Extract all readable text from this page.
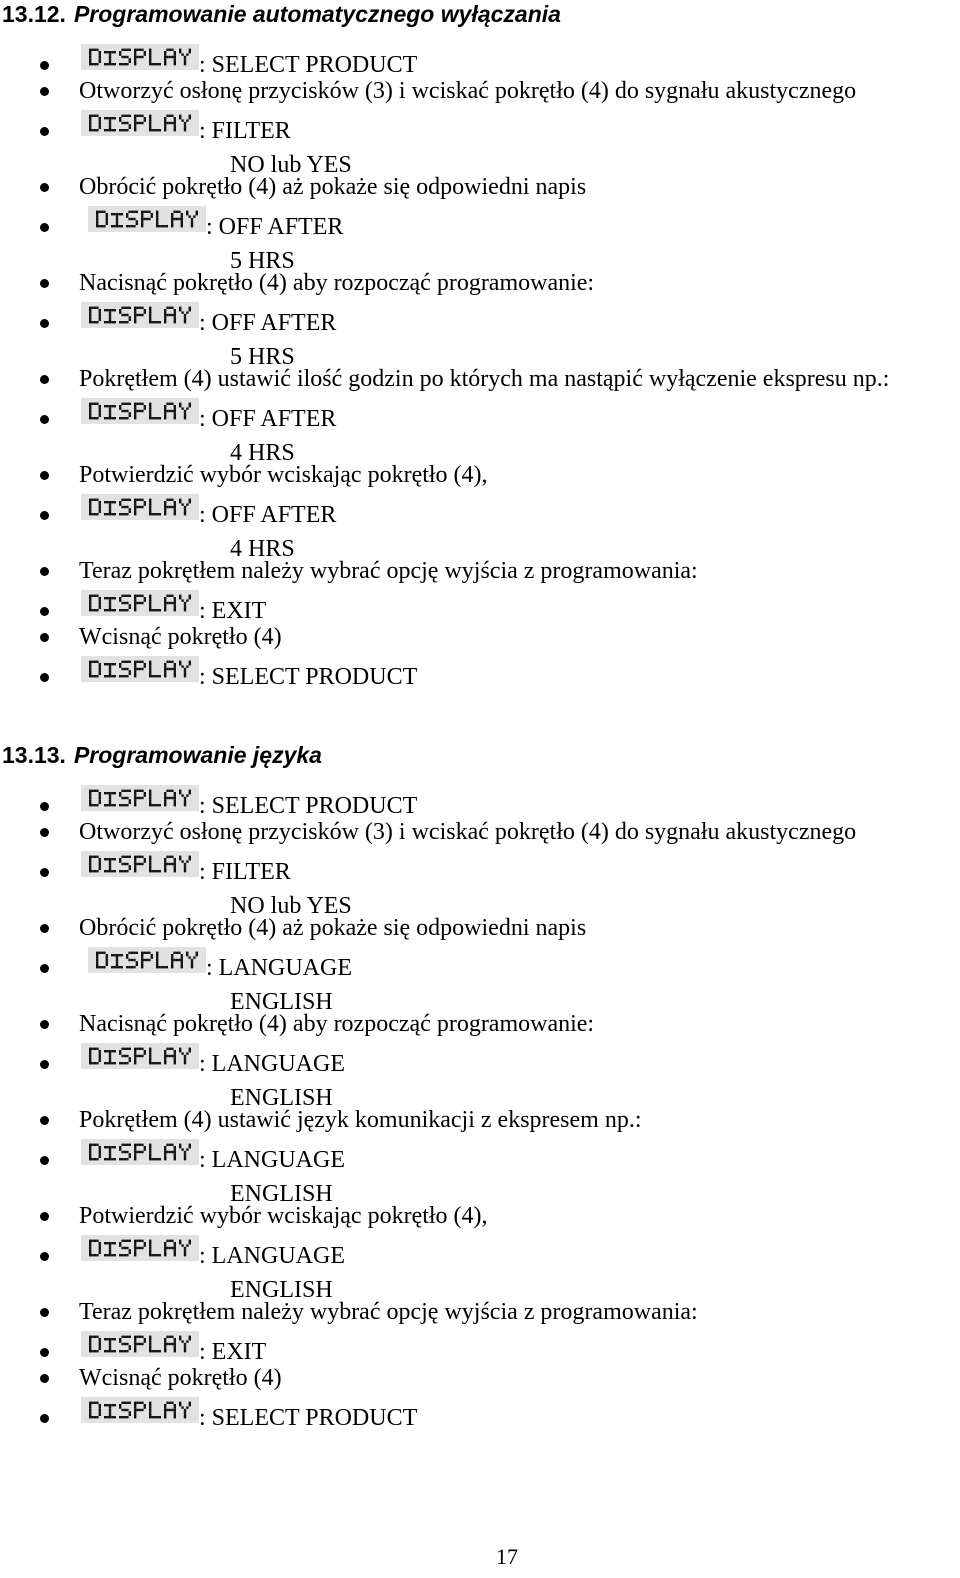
13.12. Programowanie automatycznego wyłączania
: SELECT PRODUCT
Otworzyć osłonę przycisków (3) i wciskać pokrętło (4) do sygnału akustycznego
: FILTER
NO lub YES
Obrócić pokrętło (4) aż pokaże się odpowiedni napis
: OFF AFTER
5 HRS
Nacisnąć pokrętło (4) aby rozpocząć programowanie:
: OFF AFTER
5 HRS
Pokrętłem (4) ustawić ilość godzin po których ma nastąpić wyłączenie ekspresu np.:
: OFF AFTER
4 HRS
Potwierdzić wybór wciskając pokrętło (4),
: OFF AFTER
4 HRS
Teraz pokrętłem należy wybrać opcję wyjścia z programowania:
: EXIT
Wcisnąć pokrętło (4)
: SELECT PRODUCT
13.13. Programowanie języka
: SELECT PRODUCT
Otworzyć osłonę przycisków (3) i wciskać pokrętło (4) do sygnału akustycznego
: FILTER
NO lub YES
Obrócić pokrętło (4) aż pokaże się odpowiedni napis
: LANGUAGE
ENGLISH
Nacisnąć pokrętło (4) aby rozpocząć programowanie:
: LANGUAGE
ENGLISH
Pokrętłem (4) ustawić język komunikacji z ekspresem np.:
: LANGUAGE
ENGLISH
Potwierdzić wybór wciskając pokrętło (4),
: LANGUAGE
ENGLISH
Teraz pokrętłem należy wybrać opcję wyjścia z programowania:
: EXIT
Wcisnąć pokrętło (4)
: SELECT PRODUCT
17
